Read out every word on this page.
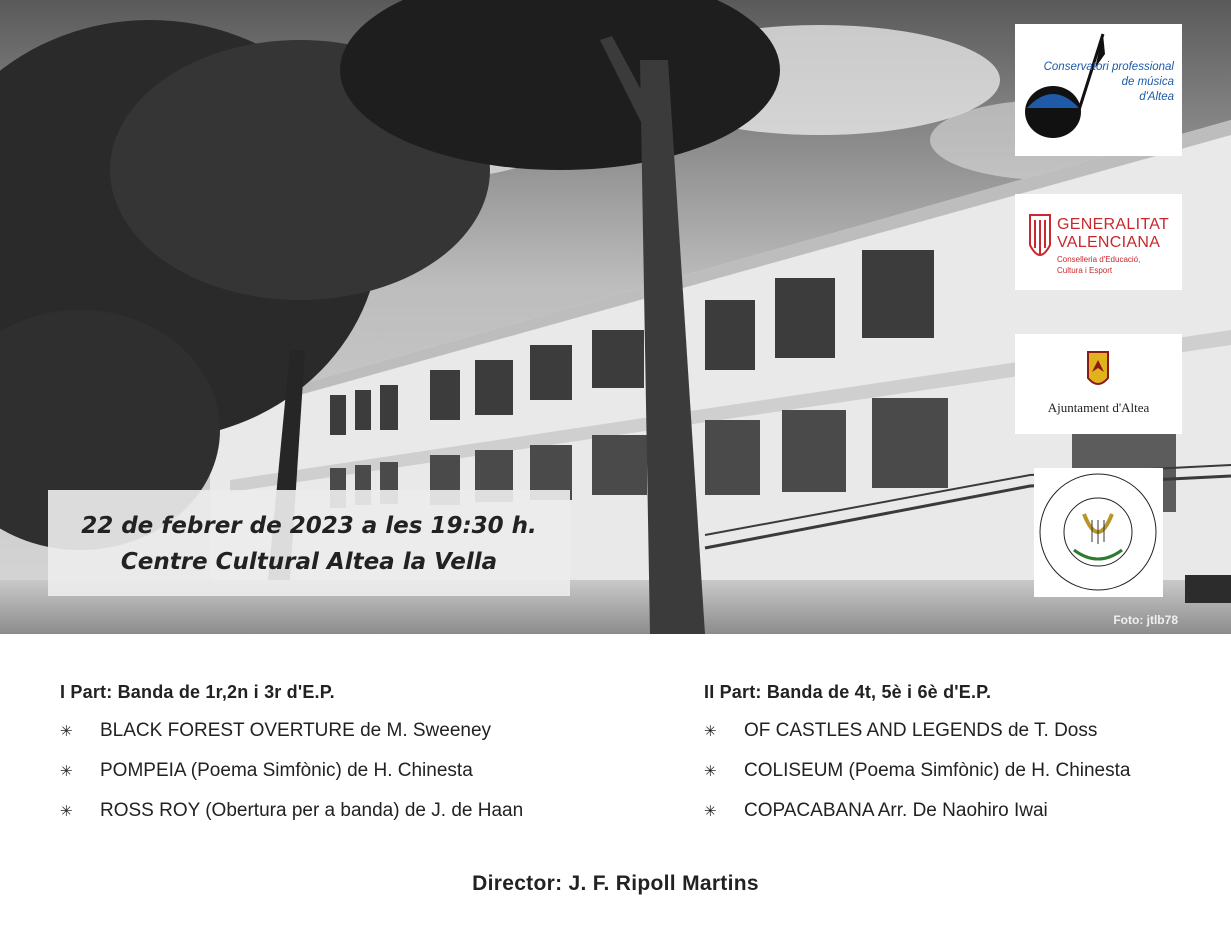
22 de febrer de 2023 a les 19:30 h.
Centre Cultural Altea la Vella
Conservatori professional
de música
d'Altea
GENERALITAT
VALENCIANA
Conselleria d'Educació,
Cultura i Esport
Ajuntament d'Altea
Foto: jtlb78
I Part: Banda de 1r,2n i 3r d'E.P.
✳	BLACK FOREST OVERTURE de M. Sweeney
✳	POMPEIA (Poema Simfònic) de H. Chinesta
✳	ROSS ROY (Obertura per a banda) de J. de Haan
II Part: Banda de 4t, 5è i 6è d'E.P.
✳	OF CASTLES AND LEGENDS de T. Doss
✳	COLISEUM (Poema Simfònic) de H. Chinesta
✳	COPACABANA Arr. De Naohiro Iwai
Director: J. F. Ripoll Martins
